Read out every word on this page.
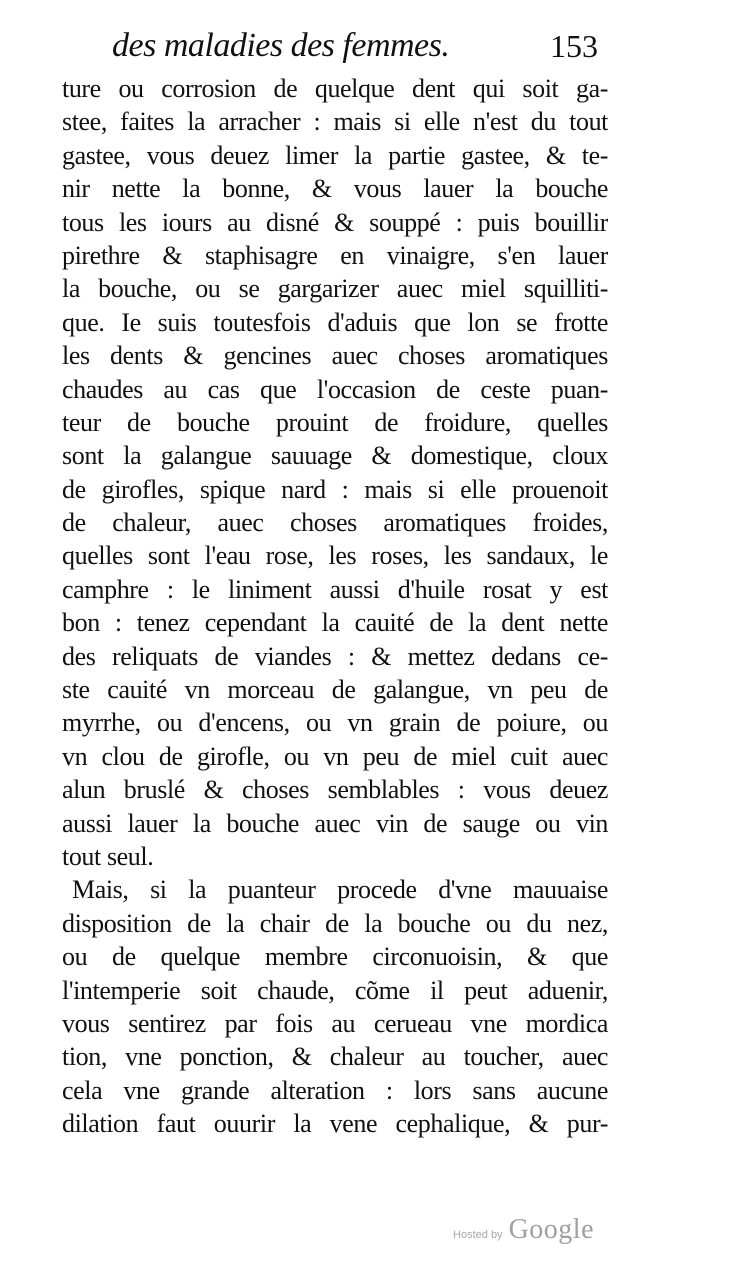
des maladies des femmes.	153
ture ou corrosion de quelque dent qui soit ga-
stee, faites la arracher : mais si elle n'est du tout
gastee, vous deuez limer la partie gastee, & te-
nir nette la bonne, & vous lauer la bouche
tous les iours au disné & souppé : puis bouillir
pirethre & staphisagre en vinaigre, s'en lauer
la bouche, ou se gargarizer auec miel squilliti-
que. Ie suis toutesfois d'aduis que lon se frotte
les dents & gencines auec choses aromatiques
chaudes au cas que l'occasion de ceste puan-
teur de bouche prouint de froidure, quelles
sont la galangue sauuage & domestique, cloux
de girofles, spique nard : mais si elle prouenoit
de chaleur, auec choses aromatiques froides,
quelles sont l'eau rose, les roses, les sandaux, le
camphre : le liniment aussi d'huile rosat y est
bon : tenez cependant la cauité de la dent nette
des reliquats de viandes : & mettez dedans ce-
ste cauité vn morceau de galangue, vn peu de
myrrhe, ou d'encens, ou vn grain de poiure, ou
vn clou de girofle, ou vn peu de miel cuit auec
alun bruslé & choses semblables : vous deuez
aussi lauer la bouche auec vin de sauge ou vin
tout seul.
Mais, si la puanteur procede d'vne mauuaise
disposition de la chair de la bouche ou du nez,
ou de quelque membre circonuoisin, & que
l'intemperie soit chaude, cõme il peut aduenir,
vous sentirez par fois au cerueau vne mordica
tion, vne ponction, & chaleur au toucher, auec
cela vne grande alteration : lors sans aucune
dilation faut ouurir la vene cephalique, & pur-
Hosted by Google
